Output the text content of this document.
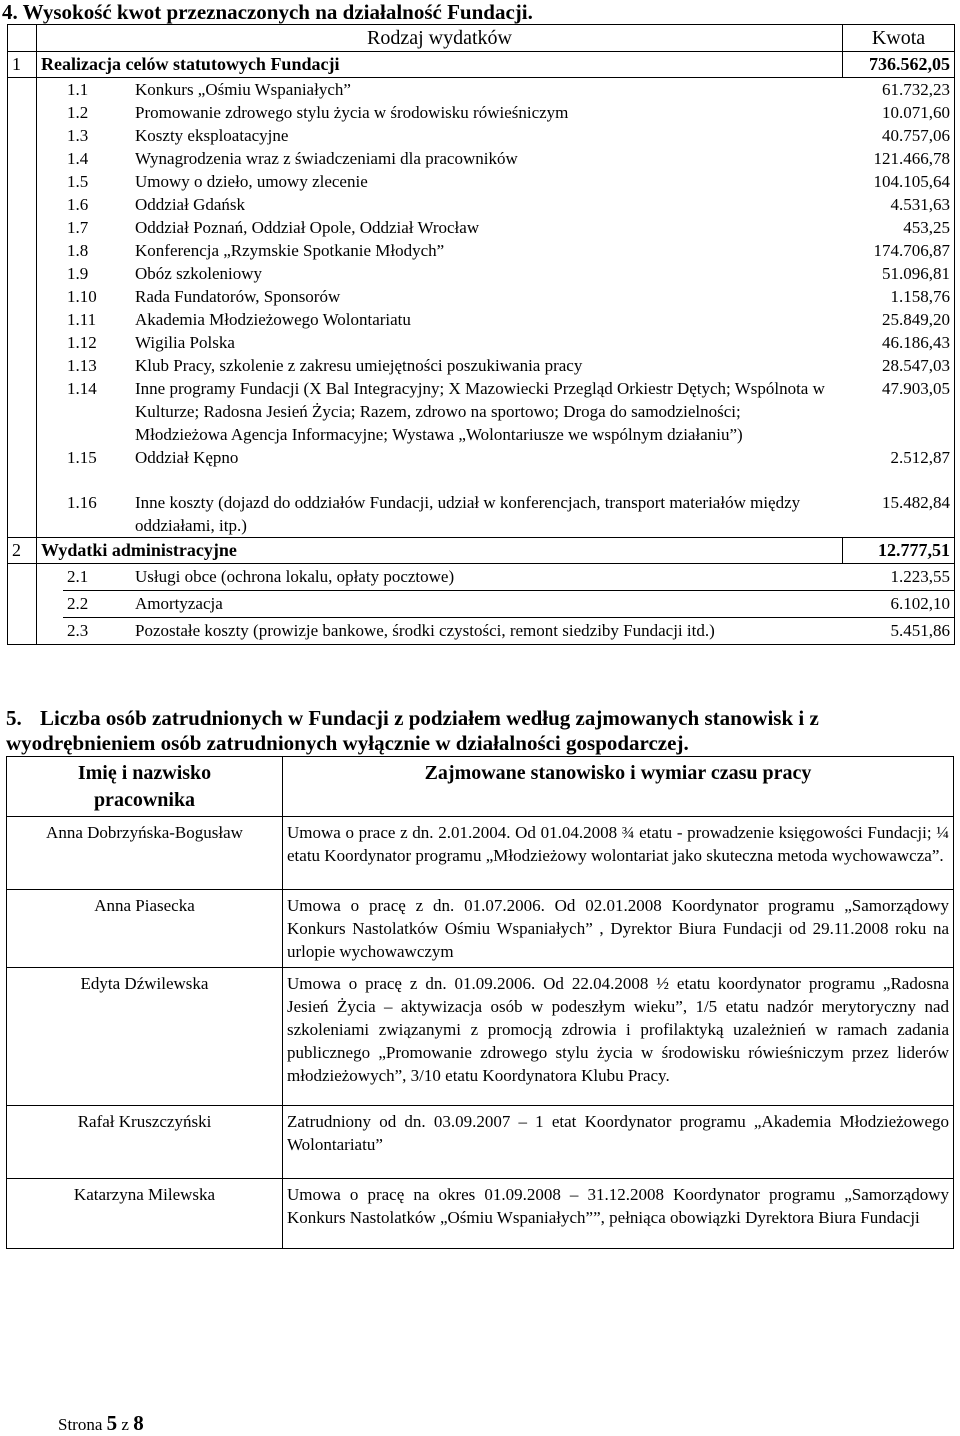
4. Wysokość kwot przeznaczonych na działalność Fundacji.
	Rodzaj wydatków	Kwota
1	Realizacja celów statutowych Fundacji	736.562,05

1.1	Konkurs „Ośmiu Wspaniałych”	61.732,23
1.2	Promowanie zdrowego stylu życia w środowisku rówieśniczym	10.071,60
1.3	Koszty eksploatacyjne	40.757,06
1.4	Wynagrodzenia wraz z świadczeniami dla pracowników	121.466,78
1.5	Umowy o dzieło, umowy zlecenie	104.105,64
1.6	Oddział Gdańsk	4.531,63
1.7	Oddział Poznań, Oddział Opole, Oddział Wrocław	453,25
1.8	Konferencja „Rzymskie Spotkanie Młodych”	174.706,87
1.9	Obóz szkoleniowy	51.096,81
1.10	Rada Fundatorów, Sponsorów	1.158,76
1.11	Akademia Młodzieżowego Wolontariatu	25.849,20
1.12	Wigilia Polska	46.186,43
1.13	Klub Pracy, szkolenie z zakresu umiejętności poszukiwania pracy	28.547,03
1.14	Inne programy Fundacji (X Bal Integracyjny; X Mazowiecki Przegląd Orkiestr Dętych; Wspólnota w Kulturze; Radosna Jesień Życia; Razem, zdrowo na sportowo; Droga do samodzielności; Młodzieżowa Agencja Informacyjne; Wystawa „Wolontariusze we wspólnym działaniu”)	47.903,05
1.15	Oddział Kępno	2.512,87
1.16	Inne koszty (dojazd do oddziałów Fundacji, udział w konferencjach, transport materiałów między oddziałami, itp.)	15.482,84

2	Wydatki administracyjne	12.777,51

2.1	Usługi obce (ochrona lokalu, opłaty pocztowe)	1.223,55
2.2	Amortyzacja	6.102,10
2.3	Pozostałe koszty (prowizje bankowe, środki czystości, remont siedziby Fundacji itd.)	5.451,86
5. Liczba osób zatrudnionych w Fundacji z podziałem według zajmowanych stanowisk i z wyodrębnieniem osób zatrudnionych wyłącznie w działalności gospodarczej.
Imię i nazwisko pracownika	Zajmowane stanowisko i wymiar czasu pracy
Anna Dobrzyńska-Bogusław	Umowa o prace z dn. 2.01.2004. Od 01.04.2008 ¾ etatu - prowadzenie księgowości Fundacji; ¼ etatu Koordynator programu „Młodzieżowy wolontariat jako skuteczna metoda wychowawcza”.
Anna Piasecka	Umowa o pracę z dn. 01.07.2006. Od 02.01.2008 Koordynator programu „Samorządowy Konkurs Nastolatków Ośmiu Wspaniałych” , Dyrektor Biura Fundacji od 29.11.2008 roku na urlopie wychowawczym
Edyta Dźwilewska	Umowa o pracę z dn. 01.09.2006. Od 22.04.2008 ½ etatu koordynator programu „Radosna Jesień Życia – aktywizacja osób w podeszłym wieku”, 1/5 etatu nadzór merytoryczny nad szkoleniami związanymi z promocją zdrowia i profilaktyką uzależnień w ramach zadania publicznego „Promowanie zdrowego stylu życia w środowisku rówieśniczym przez liderów młodzieżowych”, 3/10 etatu Koordynatora Klubu Pracy.
Rafał Kruszczyński	Zatrudniony od dn. 03.09.2007 – 1 etat Koordynator programu „Akademia Młodzieżowego Wolontariatu”
Katarzyna Milewska	Umowa o pracę na okres 01.09.2008 – 31.12.2008 Koordynator programu „Samorządowy Konkurs Nastolatków „Ośmiu Wspaniałych””, pełniąca obowiązki Dyrektora Biura Fundacji
Strona 5 z 8
